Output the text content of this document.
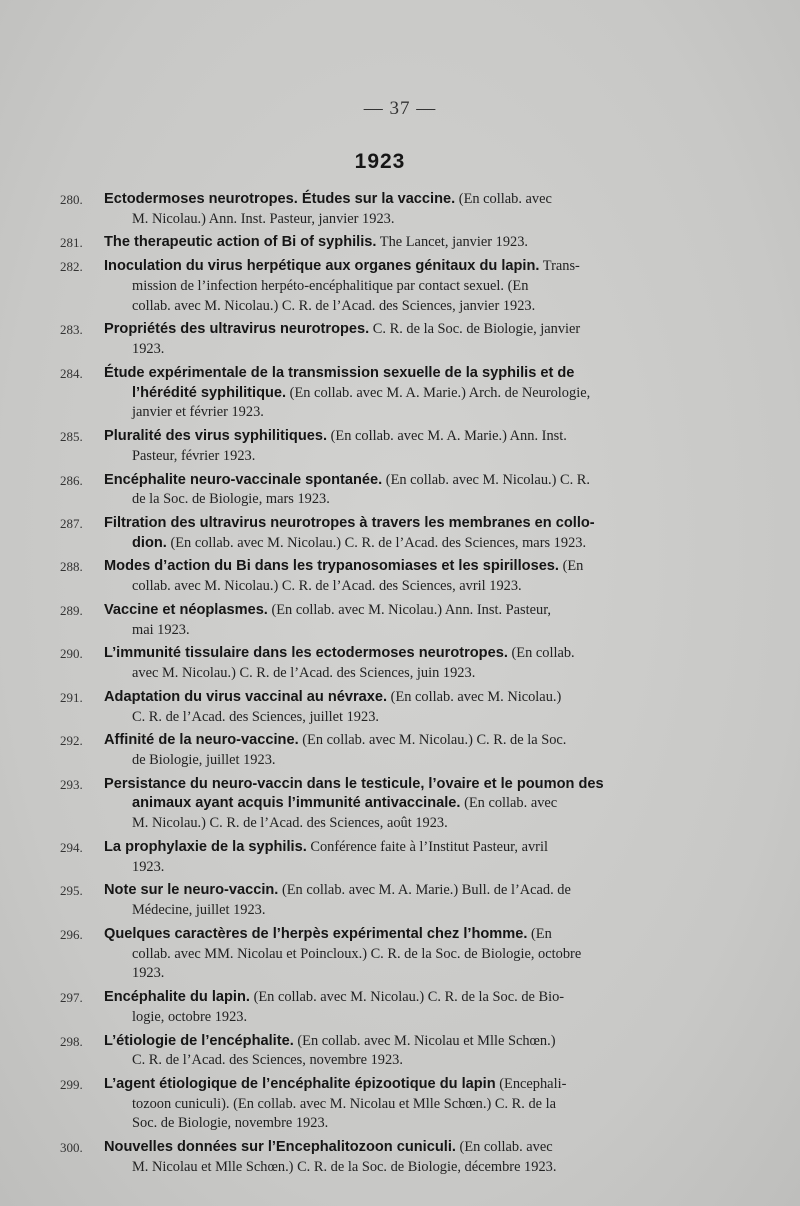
— 37 —
1923
280.	Ectodermoses neurotropes. Études sur la vaccine. (En collab. avec
M. Nicolau.) Ann. Inst. Pasteur, janvier 1923.
281.	The therapeutic action of Bi of syphilis. The Lancet, janvier 1923.
282.	Inoculation du virus herpétique aux organes génitaux du lapin. Trans-
mission de l’infection herpéto-encéphalitique par contact sexuel. (En
collab. avec M. Nicolau.) C. R. de l’Acad. des Sciences, janvier 1923.
283.	Propriétés des ultravirus neurotropes. C. R. de la Soc. de Biologie, janvier
1923.
284.	Étude expérimentale de la transmission sexuelle de la syphilis et de
l’hérédité syphilitique. (En collab. avec M. A. Marie.) Arch. de Neurologie,
janvier et février 1923.
285.	Pluralité des virus syphilitiques. (En collab. avec M. A. Marie.) Ann. Inst.
Pasteur, février 1923.
286.	Encéphalite neuro-vaccinale spontanée. (En collab. avec M. Nicolau.) C. R.
de la Soc. de Biologie, mars 1923.
287.	Filtration des ultravirus neurotropes à travers les membranes en collo-
dion. (En collab. avec M. Nicolau.) C. R. de l’Acad. des Sciences, mars 1923.
288.	Modes d’action du Bi dans les trypanosomiases et les spirilloses. (En
collab. avec M. Nicolau.) C. R. de l’Acad. des Sciences, avril 1923.
289.	Vaccine et néoplasmes. (En collab. avec M. Nicolau.) Ann. Inst. Pasteur,
mai 1923.
290.	L’immunité tissulaire dans les ectodermoses neurotropes. (En collab.
avec M. Nicolau.) C. R. de l’Acad. des Sciences, juin 1923.
291.	Adaptation du virus vaccinal au névraxe. (En collab. avec M. Nicolau.)
C. R. de l’Acad. des Sciences, juillet 1923.
292.	Affinité de la neuro-vaccine. (En collab. avec M. Nicolau.) C. R. de la Soc.
de Biologie, juillet 1923.
293.	Persistance du neuro-vaccin dans le testicule, l’ovaire et le poumon des
animaux ayant acquis l’immunité antivaccinale. (En collab. avec
M. Nicolau.) C. R. de l’Acad. des Sciences, août 1923.
294.	La prophylaxie de la syphilis. Conférence faite à l’Institut Pasteur, avril
1923.
295.	Note sur le neuro-vaccin. (En collab. avec M. A. Marie.) Bull. de l’Acad. de
Médecine, juillet 1923.
296.	Quelques caractères de l’herpès expérimental chez l’homme. (En
collab. avec MM. Nicolau et Poincloux.) C. R. de la Soc. de Biologie, octobre
1923.
297.	Encéphalite du lapin. (En collab. avec M. Nicolau.) C. R. de la Soc. de Bio-
logie, octobre 1923.
298.	L’étiologie de l’encéphalite. (En collab. avec M. Nicolau et Mlle Schœn.)
C. R. de l’Acad. des Sciences, novembre 1923.
299.	L’agent étiologique de l’encéphalite épizootique du lapin (Encephali-
tozoon cuniculi). (En collab. avec M. Nicolau et Mlle Schœn.) C. R. de la
Soc. de Biologie, novembre 1923.
300.	Nouvelles données sur l’Encephalitozoon cuniculi. (En collab. avec
M. Nicolau et Mlle Schœn.) C. R. de la Soc. de Biologie, décembre 1923.
